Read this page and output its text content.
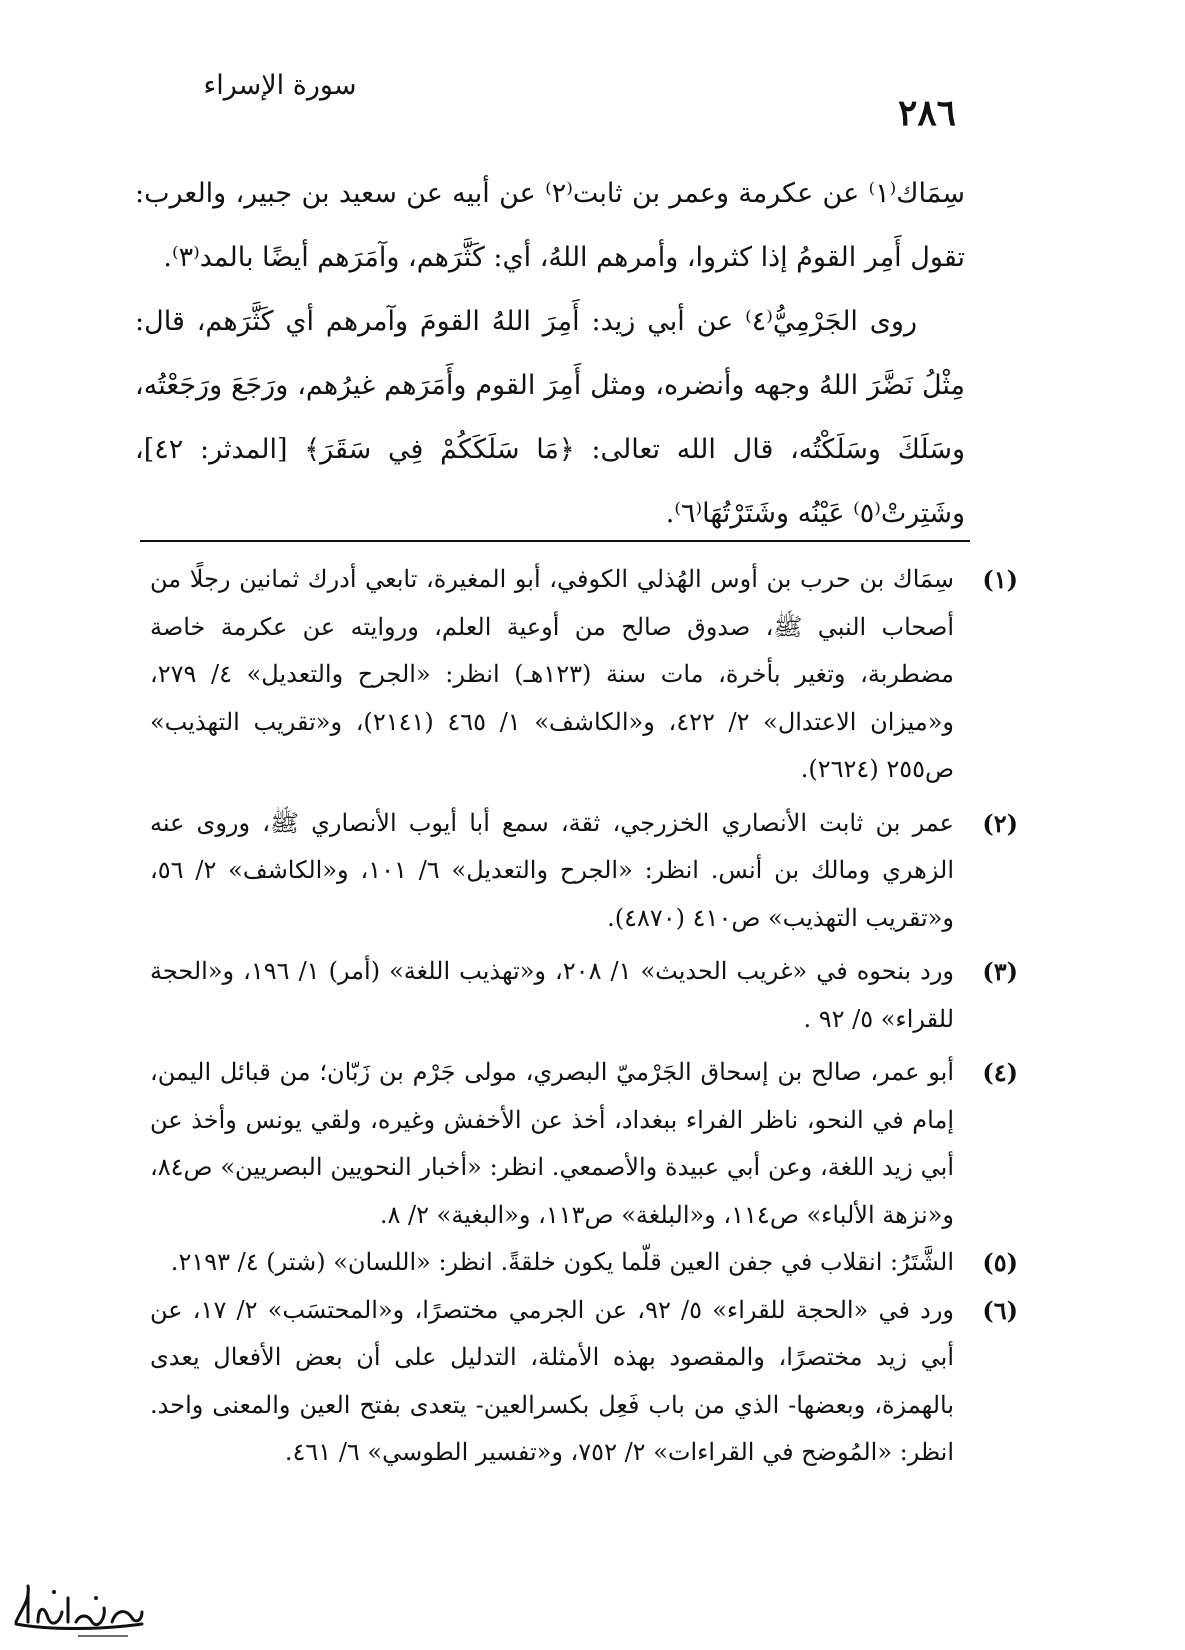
سورة الإسراء
٢٨٦

سِمَاك⁽١⁾ عن عكرمة وعمر بن ثابت⁽٢⁾ عن أبيه عن سعيد بن جبير، والعرب: تقول أَمِر القومُ إذا كثروا، وأمرهم اللهُ، أي: كَثَّرَهم، وآمَرَهم أيضًا بالمد⁽٣⁾.

روى الجَرْمِيُّ⁽٤⁾ عن أبي زيد: أَمِرَ اللهُ القومَ وآمرهم أي كَثَّرَهم، قال: مِثْلُ نَضَّرَ اللهُ وجهه وأنضره، ومثل أَمِرَ القوم وأَمَرَهم غيرُهم، ورَجَعَ ورَجَعْتُه، وسَلَكَ وسَلَكْتُه، قال الله تعالى: ﴿مَا سَلَكَكُمْ فِي سَقَرَ﴾ [المدثر: ٤٢]، وشَتِرتْ⁽٥⁾ عَيْنُه وشَتَرْتُهَا⁽٦⁾.

(١)
سِمَاك بن حرب بن أوس الهُذلي الكوفي، أبو المغيرة، تابعي أدرك ثمانين رجلًا من أصحاب النبي ﷺ، صدوق صالح من أوعية العلم، وروايته عن عكرمة خاصة مضطربة، وتغير بأخرة، مات سنة (١٢٣هـ) انظر: «الجرح والتعديل» ٤/ ٢٧٩، و«ميزان الاعتدال» ٢/ ٤٢٢، و«الكاشف» ١/ ٤٦٥ (٢١٤١)، و«تقريب التهذيب» ص٢٥٥ (٢٦٢٤).
(٢)
عمر بن ثابت الأنصاري الخزرجي، ثقة، سمع أبا أيوب الأنصاري ﷺ، وروى عنه الزهري ومالك بن أنس. انظر: «الجرح والتعديل» ٦/ ١٠١، و«الكاشف» ٢/ ٥٦، و«تقريب التهذيب» ص٤١٠ (٤٨٧٠).
(٣)
ورد بنحوه في «غريب الحديث» ١/ ٢٠٨، و«تهذيب اللغة» (أمر) ١/ ١٩٦، و«الحجة للقراء» ٥/ ٩٢ .
(٤)
أبو عمر، صالح بن إسحاق الجَرْميّ البصري، مولى جَرْم بن زَبّان؛ من قبائل اليمن، إمام في النحو، ناظر الفراء ببغداد، أخذ عن الأخفش وغيره، ولقي يونس وأخذ عن أبي زيد اللغة، وعن أبي عبيدة والأصمعي. انظر: «أخبار النحويين البصريين» ص٨٤، و«نزهة الألباء» ص١١٤، و«البلغة» ص١١٣، و«البغية» ٢/ ٨.
(٥)
الشَّتَرُ: انقلاب في جفن العين قلّما يكون خلقةً. انظر: «اللسان» (شتر) ٤/ ٢١٩٣.
(٦)
ورد في «الحجة للقراء» ٥/ ٩٢، عن الجرمي مختصرًا، و«المحتسَب» ٢/ ١٧، عن أبي زيد مختصرًا، والمقصود بهذه الأمثلة، التدليل على أن بعض الأفعال يعدى بالهمزة، وبعضها- الذي من باب فَعِل بكسرالعين- يتعدى بفتح العين والمعنى واحد. انظر: «المُوضح في القراءات» ٢/ ٧٥٢، و«تفسير الطوسي» ٦/ ٤٦١.
